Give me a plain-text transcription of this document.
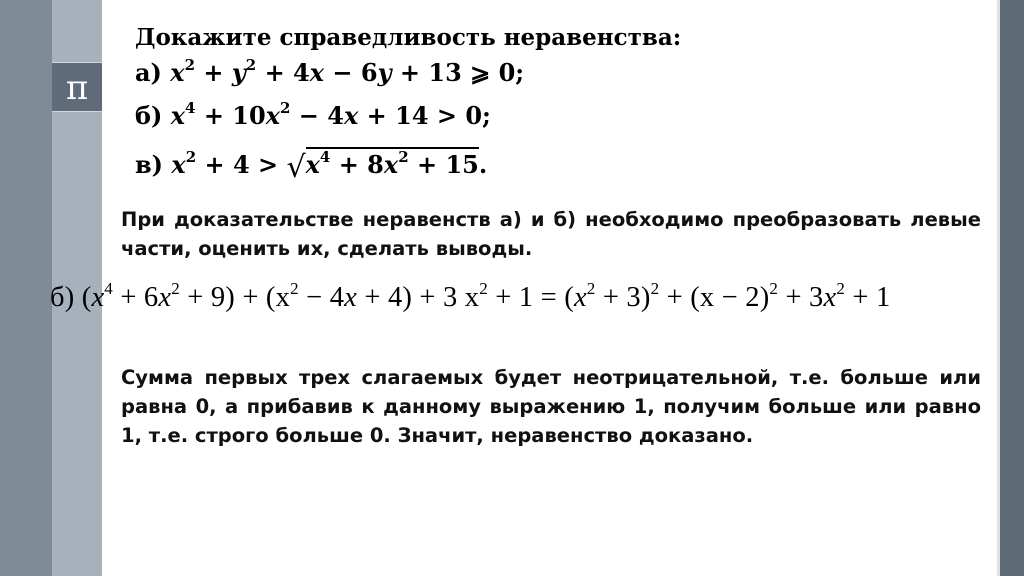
π
Докажите справедливость неравенства:
а) $x^2 + y^2 + 4x - 6y + 13$ ⩾ 0;
б) $x^4 + 10x^2 - 4x + 14 > 0$;
в) $x^2 + 4 > √x^4 + 8x^2 + 15$.
При доказательстве неравенств а) и б) необходимо преобразовать левые части, оценить их, сделать выводы.
б) $(x^4 + 6x^2 + 9) + (x^2 - 4x + 4) + 3$ $x^2 + 1 = (x^2 + 3)^2 + (x - 2)^2 + 3x^2 + 1$
Сумма первых трех слагаемых будет неотрицательной, т.е. больше или равна 0, а прибавив к данному выражению 1, получим больше или равно 1, т.е. строго больше 0. Значит, неравенство доказано.
